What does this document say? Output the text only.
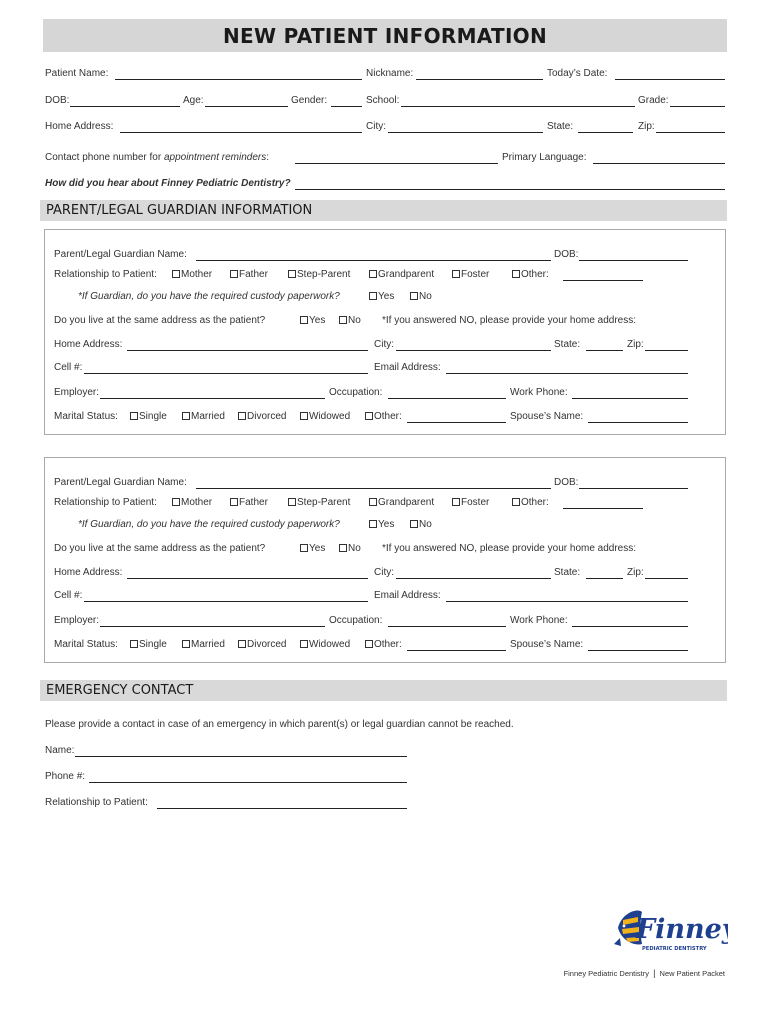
NEW PATIENT INFORMATION
Patient Name:	Nickname:	Today’s Date:
DOB:	Age:	Gender:	School:	Grade:
Home Address:	City:	State:	Zip:
Contact phone number for appointment reminders:	Primary Language:
How did you hear about Finney Pediatric Dentistry?
PARENT/LEGAL GUARDIAN INFORMATION
Parent/Legal Guardian Name:	DOB:
Relationship to Patient:	Mother	Father	Step-Parent	Grandparent	Foster	Other:
*If Guardian, do you have the required custody paperwork?	Yes	No
Do you live at the same address as the patient?	Yes	No *If you answered NO, please provide your home address:
Home Address:	City:	State:	Zip:
Cell #:	Email Address:
Employer:	Occupation:	Work Phone:
Marital Status:	Single	Married	Divorced	Widowed	Other:	Spouse’s Name:
Parent/Legal Guardian Name:	DOB:
Relationship to Patient:	Mother	Father	Step-Parent	Grandparent	Foster	Other:
*If Guardian, do you have the required custody paperwork?	Yes	No
Do you live at the same address as the patient?	Yes	No *If you answered NO, please provide your home address:
Home Address:	City:	State:	Zip:
Cell #:	Email Address:
Employer:	Occupation:	Work Phone:
Marital Status:	Single	Married	Divorced	Widowed	Other:	Spouse’s Name:
EMERGENCY CONTACT
Please provide a contact in case of an emergency in which parent(s) or legal guardian cannot be reached.
Name:
Phone #:
Relationship to Patient:
Finney
PEDIATRIC DENTISTRY
Finney Pediatric Dentistry | New Patient Packet
